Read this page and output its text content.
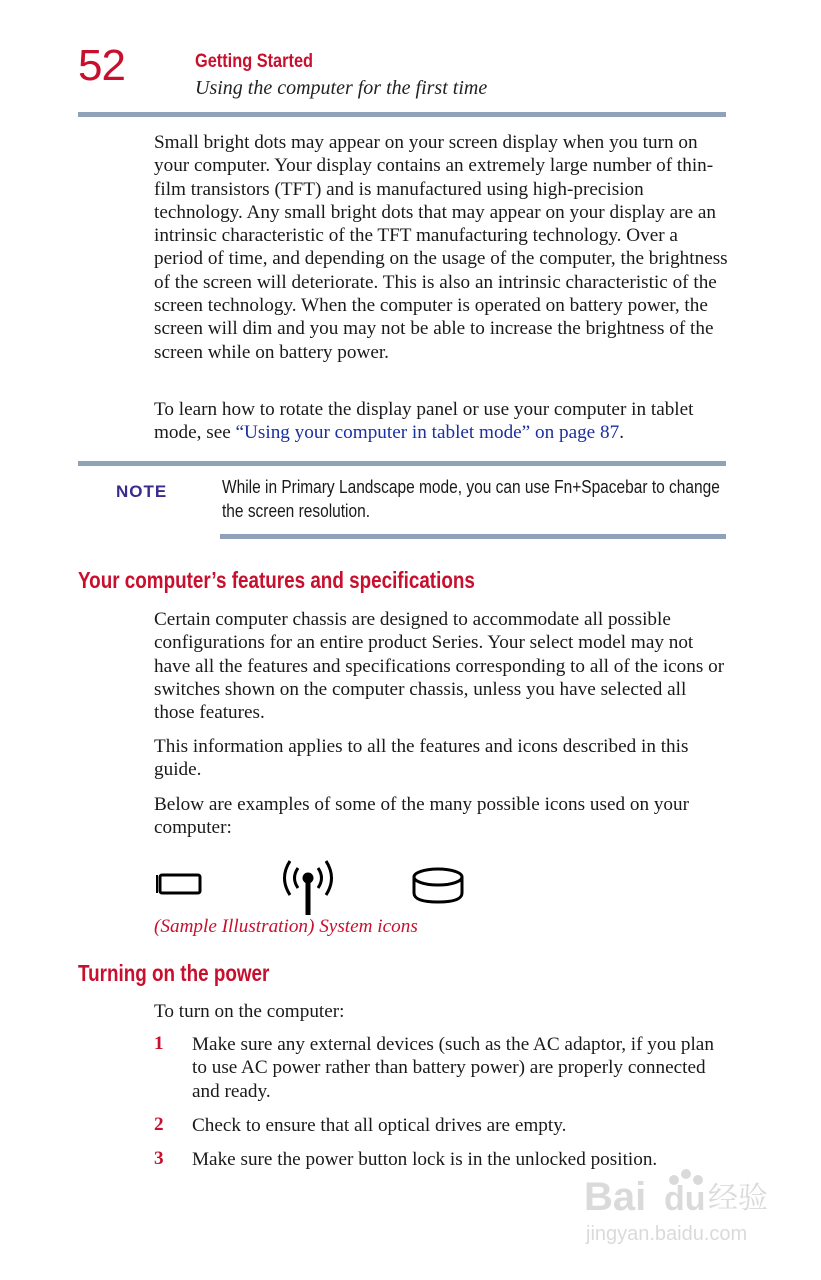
52	Getting Started
Using the computer for the first time

Small bright dots may appear on your screen display when you turn on your computer. Your display contains an extremely large number of thin-film transistors (TFT) and is manufactured using high-precision technology. Any small bright dots that may appear on your display are an intrinsic characteristic of the TFT manufacturing technology. Over a period of time, and depending on the usage of the computer, the brightness of the screen will deteriorate. This is also an intrinsic characteristic of the screen technology. When the computer is operated on battery power, the screen will dim and you may not be able to increase the brightness of the screen while on battery power.

To learn how to rotate the display panel or use your computer in tablet mode, see “Using your computer in tablet mode” on page 87.

NOTE	While in Primary Landscape mode, you can use Fn+Spacebar to change the screen resolution.
Your computer’s features and specifications

Certain computer chassis are designed to accommodate all possible configurations for an entire product Series. Your select model may not have all the features and specifications corresponding to all of the icons or switches shown on the computer chassis, unless you have selected all those features.

This information applies to all the features and icons described in this guide.

Below are examples of some of the many possible icons used on your computer:

(Sample Illustration) System icons
Turning on the power

To turn on the computer:

1 Make sure any external devices (such as the AC adaptor, if you plan to use AC power rather than battery power) are properly connected and ready.

2 Check to ensure that all optical drives are empty.

3 Make sure the power button lock is in the unlocked position.

Bai du 经验
jingyan.baidu.com
